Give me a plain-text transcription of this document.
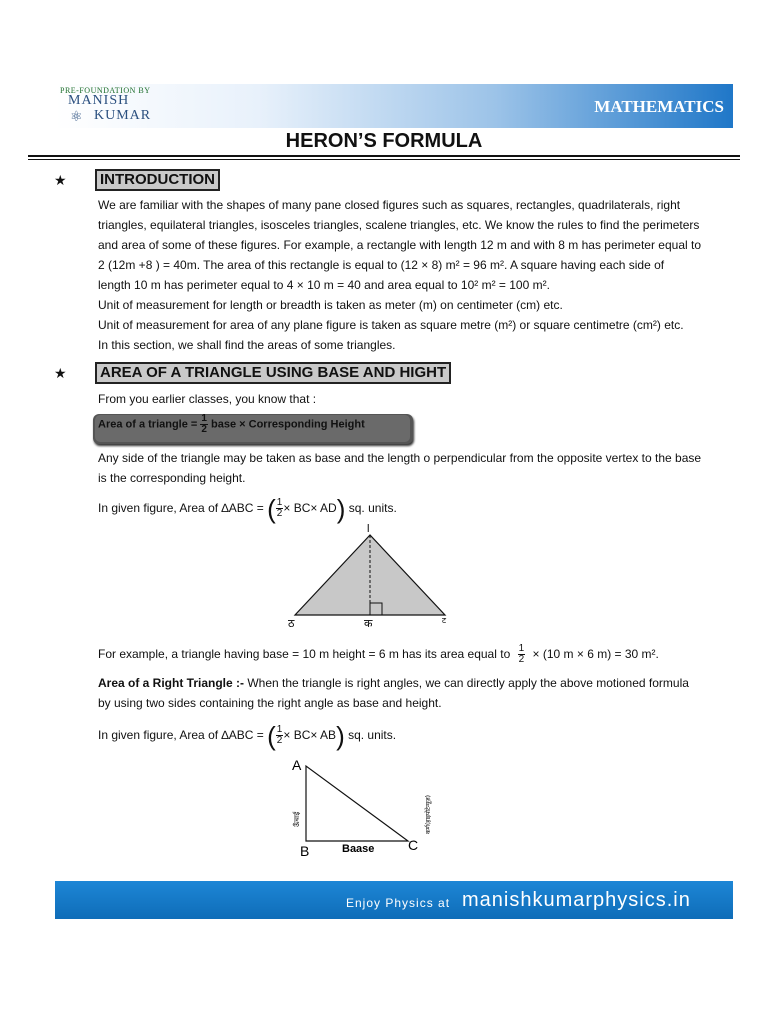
PRE-FOUNDATION BY
MANISH
⚛ KUMAR	MATHEMATICS
HERON’S FORMULA
★	INTRODUCTION
We are familiar with the shapes of many pane closed figures such as squares, rectangles, quadrilaterals, right
triangles, equilateral triangles, isosceles triangles, scalene triangles, etc. We know the rules to find the perimeters
and area of some of these figures. For example, a rectangle with length 12 m and with 8 m has perimeter equal to
2 (12m +8 ) = 40m. The area of this rectangle is equal to (12 × 8) m² = 96 m². A square having each side of
length 10 m has perimeter equal to 4 × 10 m = 40 and area equal to 10² m² = 100 m².
Unit of measurement for length or breadth is taken as meter (m) on centimeter (cm) etc.
Unit of measurement for area of any plane figure is taken as square metre (m²) or square centimetre (cm²) etc.
In this section, we shall find the areas of some triangles.
★	AREA OF A TRIANGLE USING BASE AND HIGHT
From you earlier classes, you know that :
Area of a triangle = $\frac{1}{2}$ base × Corresponding Height
Any side of the triangle may be taken as base and the length o perpendicular from the opposite vertex to the base
is the corresponding height.
In given figure, Area of ∆ABC = ( $\frac{1}{2} \times BC\times AD$) sq. units.
l
ठ	क	ट
For example, a triangle having base = 10 m height = 6 m has its area equal to $\frac{1}{2} \times (10$ m × 6 m) = 30 m².
Area of a Right Triangle :- When the triangle is right angles, we can directly apply the above motioned formula
by using two sides containing the right angle as base and height.
In given figure, Area of ∆ABC = ( $\frac{1}{2} \times BC\times AB$) sq. units.
A
B	C
Baase
ऊँचाई	कर्ण(हाइपोटेन्यूज़)
Enjoy Physics at manishkumarphysics.in
